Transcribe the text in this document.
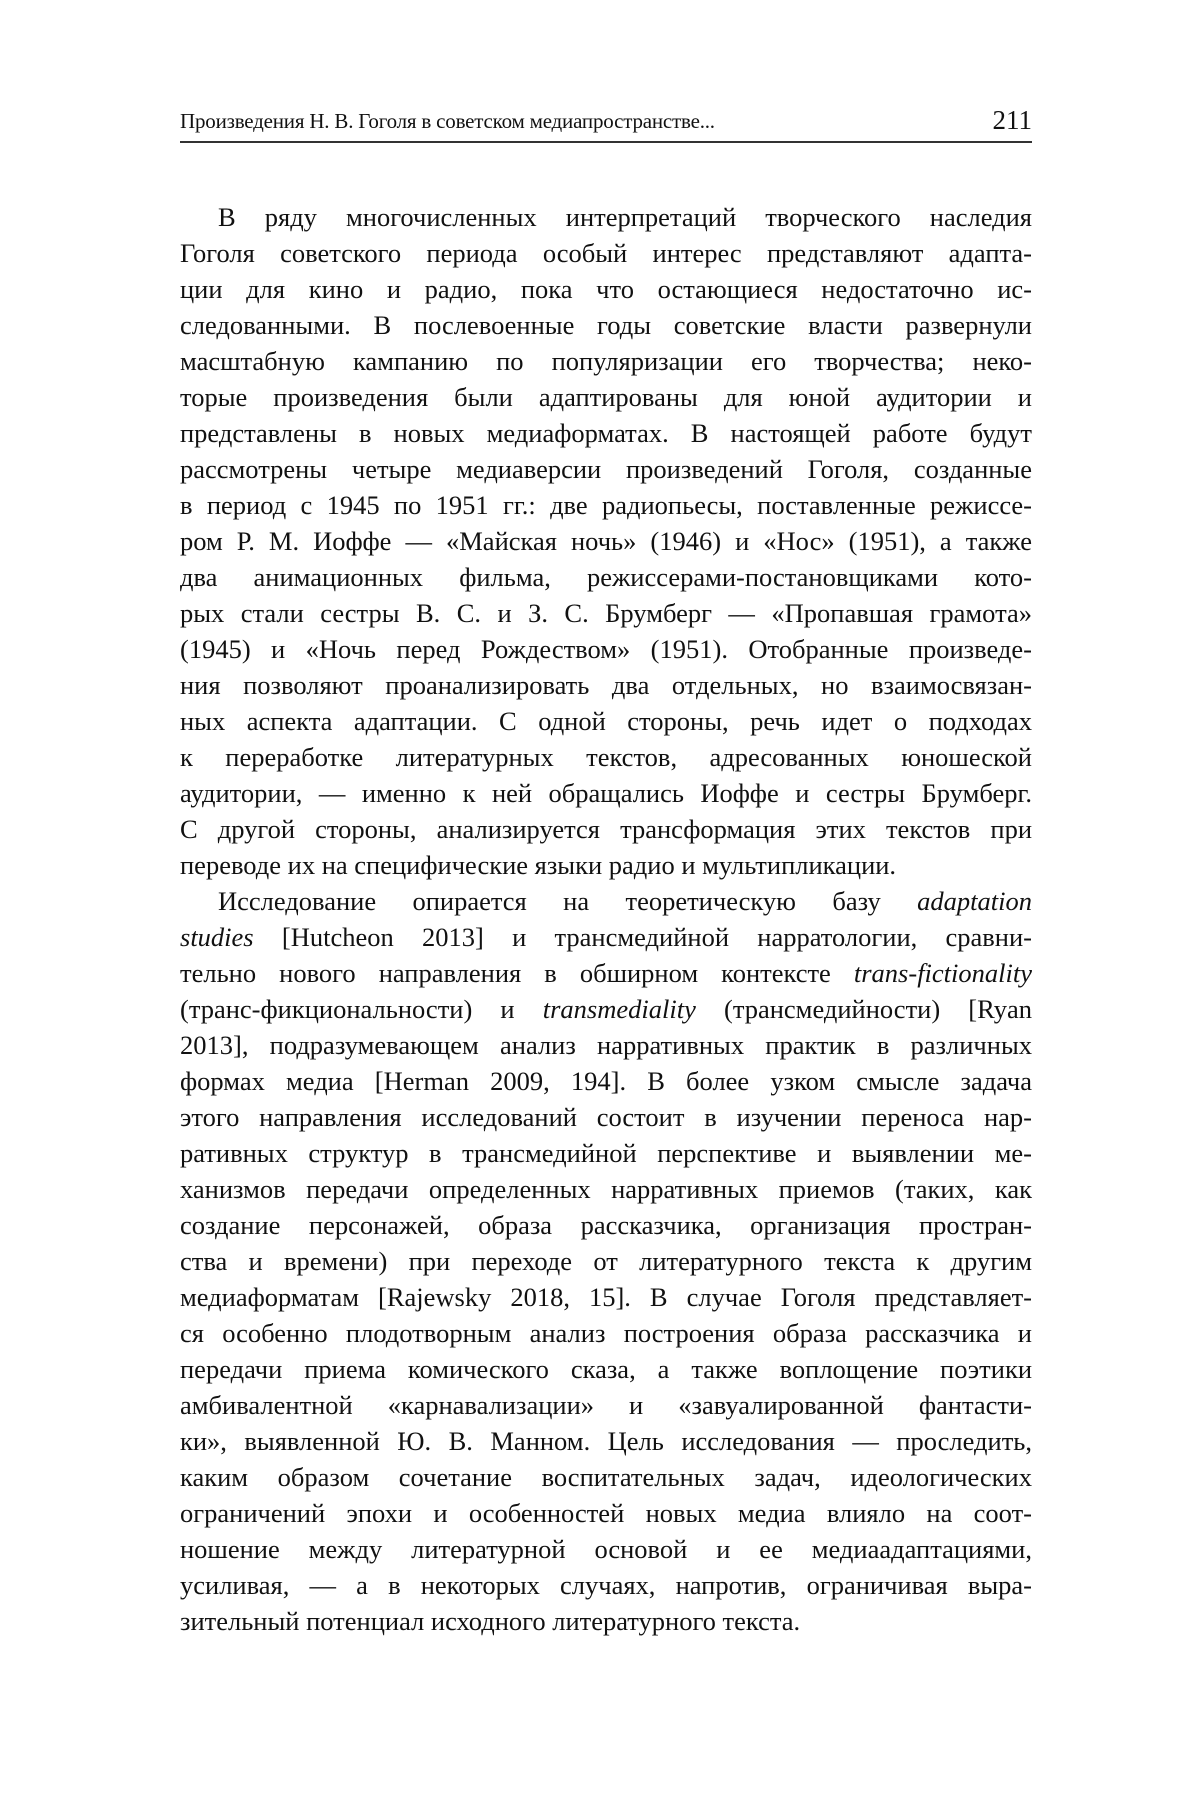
Произведения Н. В. Гоголя в советском медиапространстве...	211
В ряду многочисленных интерпретаций творческого наследия
Гоголя советского периода особый интерес представляют адапта-
ции для кино и радио, пока что остающиеся недостаточно ис-
следованными. В послевоенные годы советские власти развернули
масштабную кампанию по популяризации его творчества; неко-
торые произведения были адаптированы для юной аудитории и
представлены в новых медиаформатах. В настоящей работе будут
рассмотрены четыре медиаверсии произведений Гоголя, созданные
в период с 1945 по 1951 гг.: две радиопьесы, поставленные режиссе-
ром Р. М. Иоффе — «Майская ночь» (1946) и «Нос» (1951), а также
два анимационных фильма, режиссерами-постановщиками кото-
рых стали сестры В. С. и З. С. Брумберг — «Пропавшая грамота»
(1945) и «Ночь перед Рождеством» (1951). Отобранные произведе-
ния позволяют проанализировать два отдельных, но взаимосвязан-
ных аспекта адаптации. С одной стороны, речь идет о подходах
к переработке литературных текстов, адресованных юношеской
аудитории, — именно к ней обращались Иоффе и сестры Брумберг.
С другой стороны, анализируется трансформация этих текстов при
переводе их на специфические языки радио и мультипликации.
Исследование опирается на теоретическую базу adaptation
studies [Hutcheon 2013] и трансмедийной нарратологии, сравни-
тельно нового направления в обширном контексте trans-fictionality
(транс-фикциональности) и transmediality (трансмедийности) [Ryan
2013], подразумевающем анализ нарративных практик в различных
формах медиа [Herman 2009, 194]. В более узком смысле задача
этого направления исследований состоит в изучении переноса нар-
ративных структур в трансмедийной перспективе и выявлении ме-
ханизмов передачи определенных нарративных приемов (таких, как
создание персонажей, образа рассказчика, организация простран-
ства и времени) при переходе от литературного текста к другим
медиаформатам [Rajewsky 2018, 15]. В случае Гоголя представляет-
ся особенно плодотворным анализ построения образа рассказчика и
передачи приема комического сказа, а также воплощение поэтики
амбивалентной «карнавализации» и «завуалированной фантасти-
ки», выявленной Ю. В. Манном. Цель исследования — проследить,
каким образом сочетание воспитательных задач, идеологических
ограничений эпохи и особенностей новых медиа влияло на соот-
ношение между литературной основой и ее медиаадаптациями,
усиливая, — а в некоторых случаях, напротив, ограничивая выра-
зительный потенциал исходного литературного текста.
